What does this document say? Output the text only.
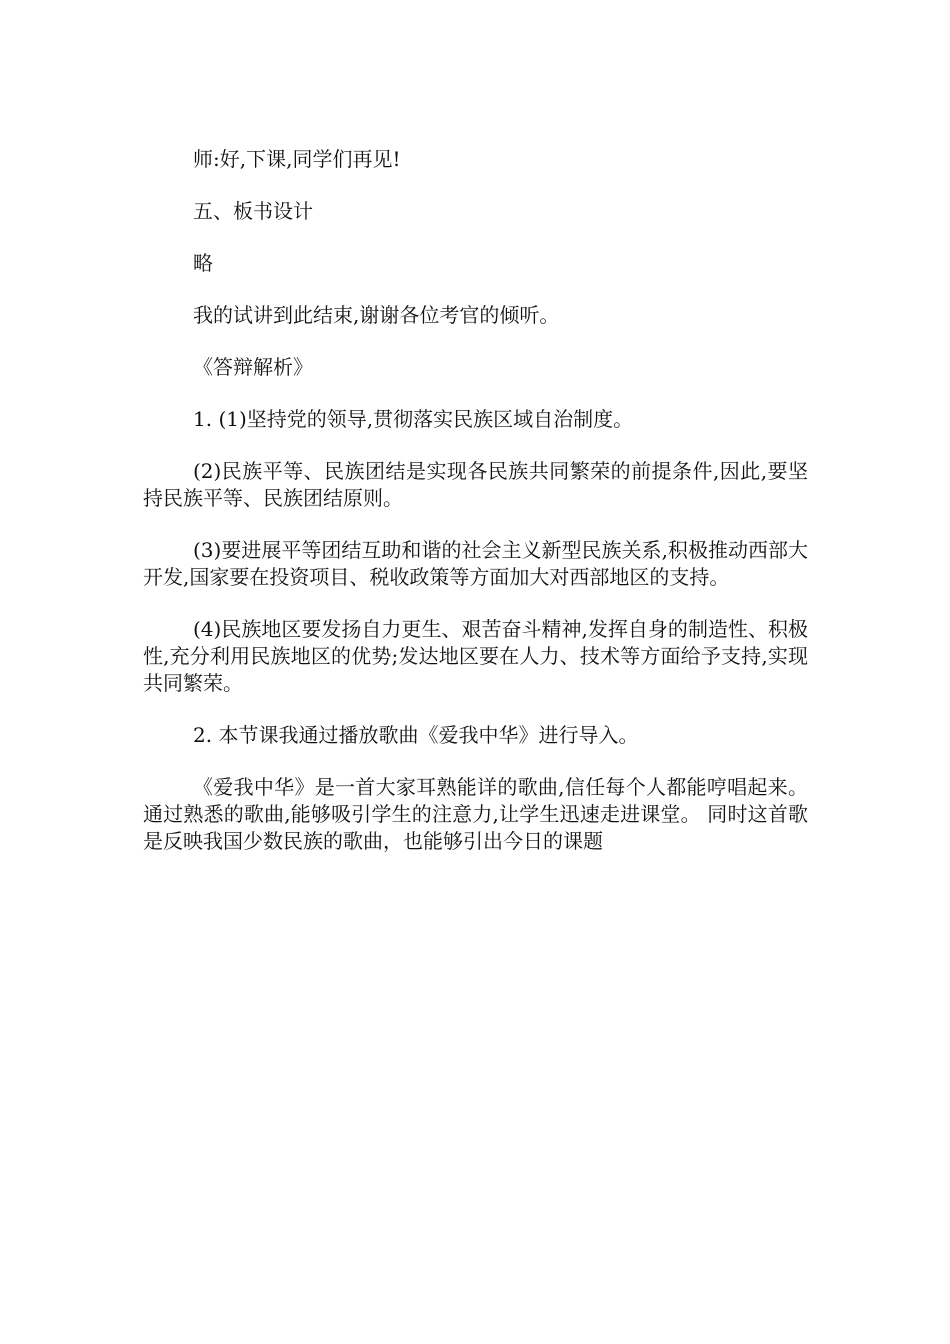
师:好,下课,同学们再见!

五、板书设计

略

我的试讲到此结束,谢谢各位考官的倾听。

《答辩解析》

1. (1)坚持党的领导,贯彻落实民族区域自治制度。

(2)民族平等、民族团结是实现各民族共同繁荣的前提条件,因此,要坚持民族平等、民族团结原则。

(3)要进展平等团结互助和谐的社会主义新型民族关系,积极推动西部大开发,国家要在投资项目、税收政策等方面加大对西部地区的支持。

(4)民族地区要发扬自力更生、艰苦奋斗精神,发挥自身的制造性、积极性,充分利用民族地区的优势;发达地区要在人力、技术等方面给予支持,实现共同繁荣。

2. 本节课我通过播放歌曲《爱我中华》进行导入。

《爱我中华》是一首大家耳熟能详的歌曲,信任每个人都能哼唱起来。 通过熟悉的歌曲,能够吸引学生的注意力,让学生迅速走进课堂。 同时这首歌是反映我国少数民族的歌曲，也能够引出今日的课题
